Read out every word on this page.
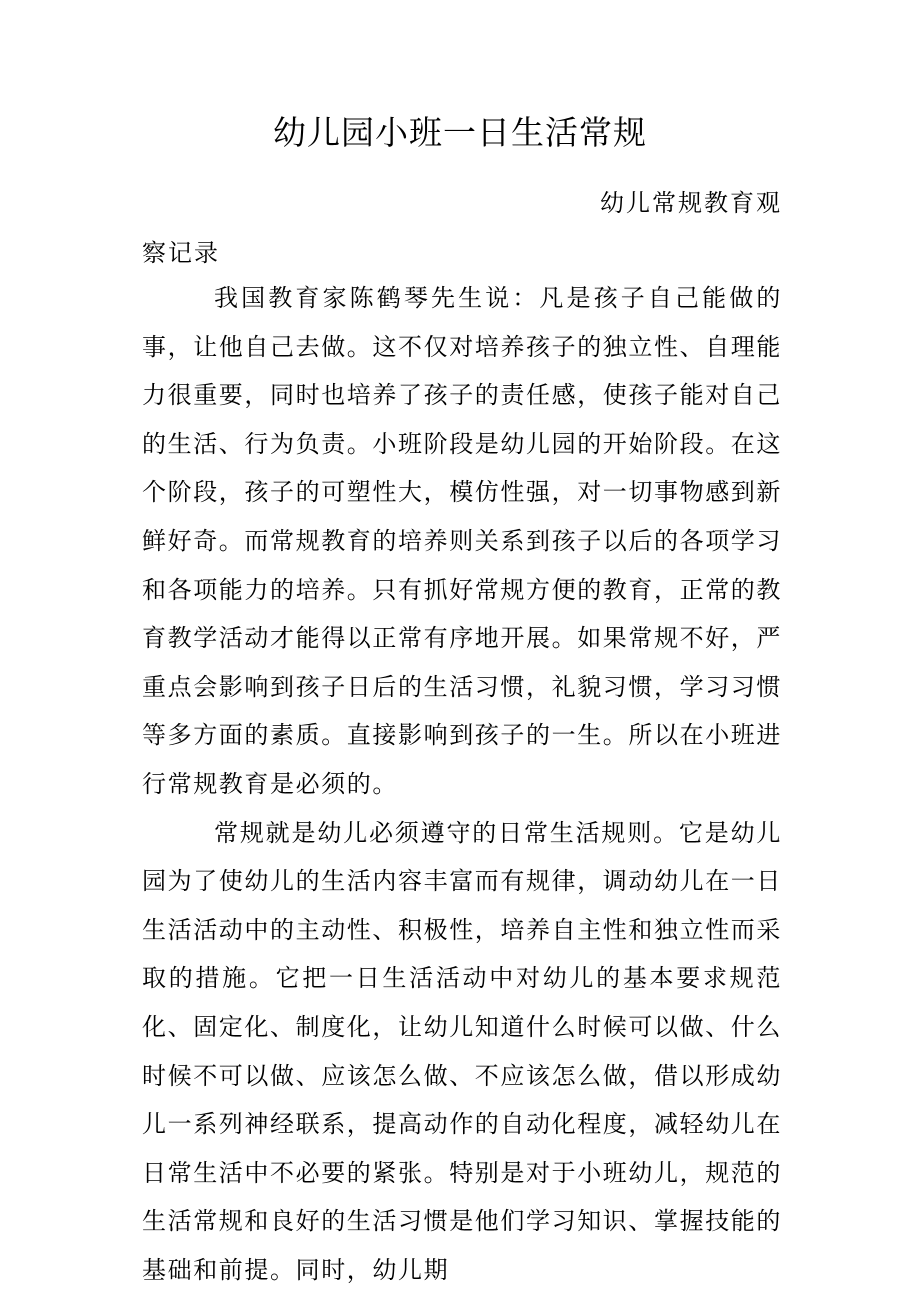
幼儿园小班一日生活常规
幼儿常规教育观
察记录

我国教育家陈鹤琴先生说：凡是孩子自己能做的事，让他自己去做。这不仅对培养孩子的独立性、自理能力很重要，同时也培养了孩子的责任感，使孩子能对自己的生活、行为负责。小班阶段是幼儿园的开始阶段。在这个阶段，孩子的可塑性大，模仿性强，对一切事物感到新鲜好奇。而常规教育的培养则关系到孩子以后的各项学习和各项能力的培养。只有抓好常规方便的教育，正常的教育教学活动才能得以正常有序地开展。如果常规不好，严重点会影响到孩子日后的生活习惯，礼貌习惯，学习习惯等多方面的素质。直接影响到孩子的一生。所以在小班进行常规教育是必须的。

常规就是幼儿必须遵守的日常生活规则。它是幼儿园为了使幼儿的生活内容丰富而有规律，调动幼儿在一日生活活动中的主动性、积极性，培养自主性和独立性而采取的措施。它把一日生活活动中对幼儿的基本要求规范化、固定化、制度化，让幼儿知道什么时候可以做、什么时候不可以做、应该怎么做、不应该怎么做，借以形成幼儿一系列神经联系，提高动作的自动化程度，减轻幼儿在日常生活中不必要的紧张。特别是对于小班幼儿，规范的生活常规和良好的生活习惯是他们学习知识、掌握技能的基础和前提。同时，幼儿期
